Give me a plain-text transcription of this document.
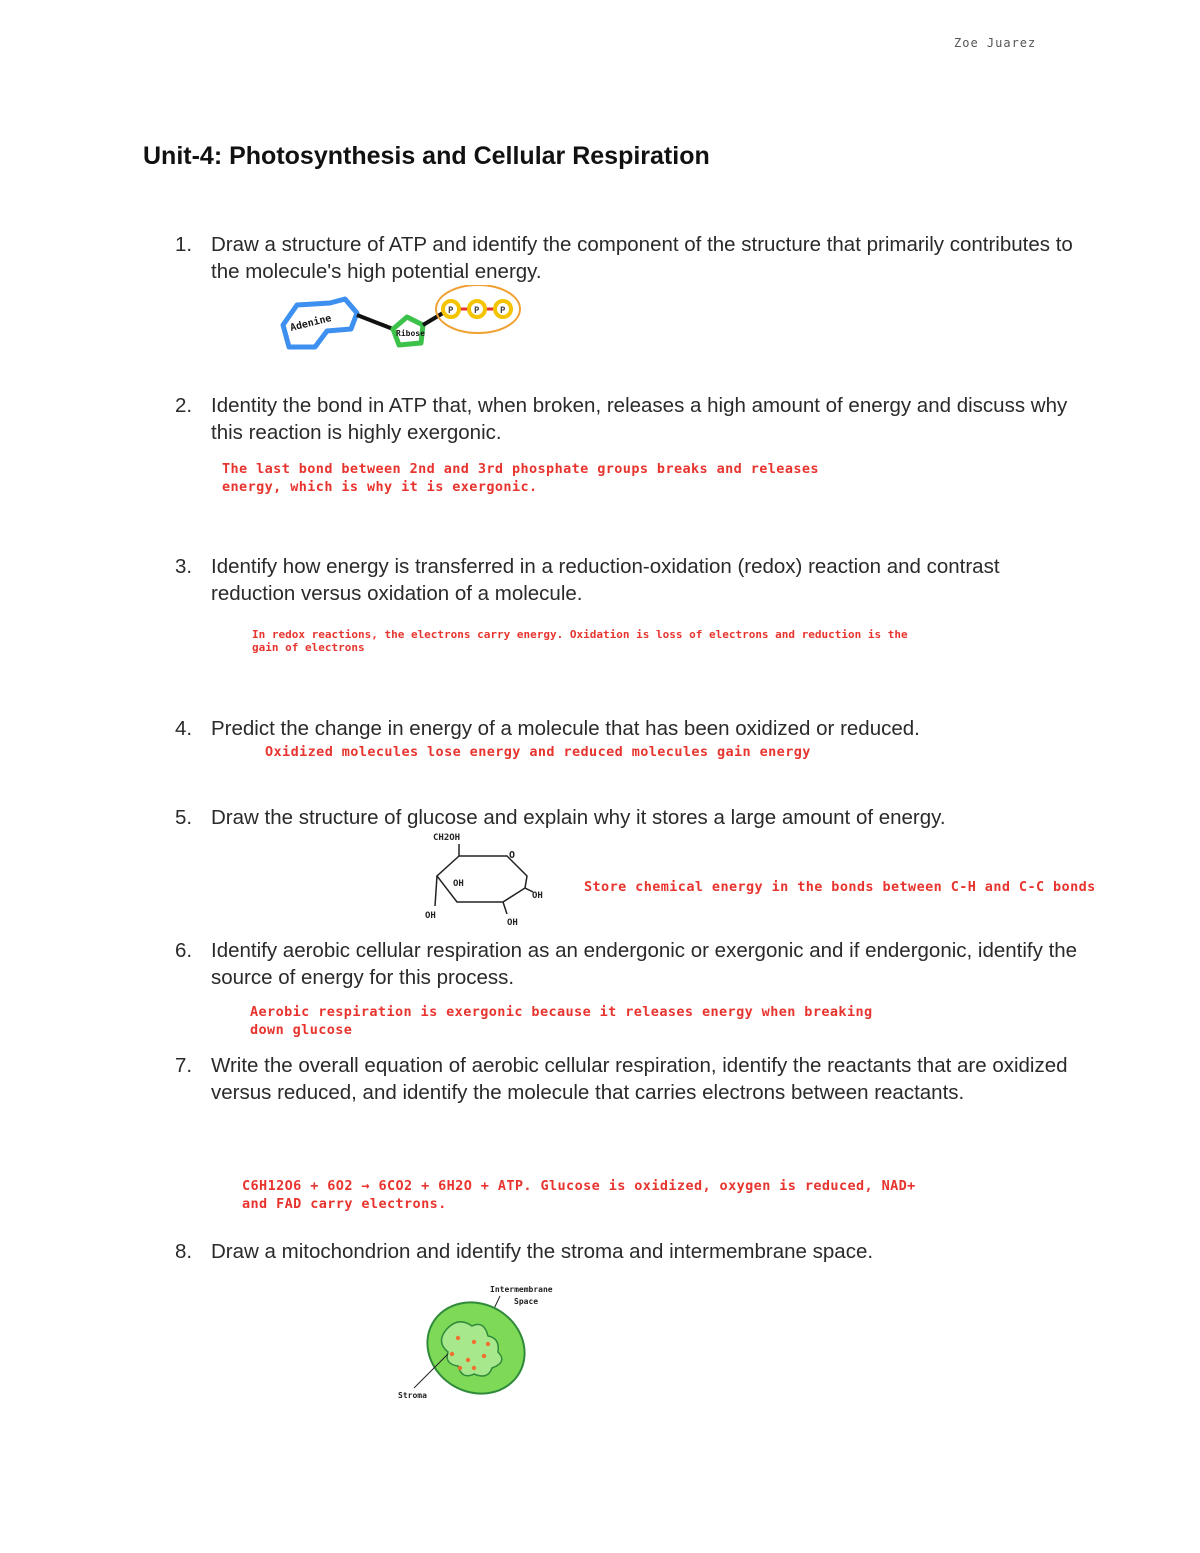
Zoe Juarez
Unit-4: Photosynthesis and Cellular Respiration
1. Draw a structure of ATP and identify the component of the structure that primarily contributes to the molecule's high potential energy.
Adenine	Ribose
P P P
2. Identity the bond in ATP that, when broken, releases a high amount of energy and discuss why this reaction is highly exergonic.
The last bond between 2nd and 3rd phosphate groups breaks and releases
energy, which is why it is exergonic.
3. Identify how energy is transferred in a reduction-oxidation (redox) reaction and contrast reduction versus oxidation of a molecule.
In redox reactions, the electrons carry energy. Oxidation is loss of electrons and reduction is the
gain of electrons
4. Predict the change in energy of a molecule that has been oxidized or reduced.
Oxidized molecules lose energy and reduced molecules gain energy
5. Draw the structure of glucose and explain why it stores a large amount of energy.
CH2OH
O
OH
OH
OH
OH
Store chemical energy in the bonds between C-H and C-C bonds
6. Identify aerobic cellular respiration as an endergonic or exergonic and if endergonic, identify the source of energy for this process.
Aerobic respiration is exergonic because it releases energy when breaking
down glucose
7. Write the overall equation of aerobic cellular respiration, identify the reactants that are oxidized versus reduced, and identify the molecule that carries electrons between reactants.
C6H12O6 + 6O2 → 6CO2 + 6H2O + ATP. Glucose is oxidized, oxygen is reduced, NAD+
and FAD carry electrons.
8. Draw a mitochondrion and identify the stroma and intermembrane space.
Intermembrane
Space
Stroma
